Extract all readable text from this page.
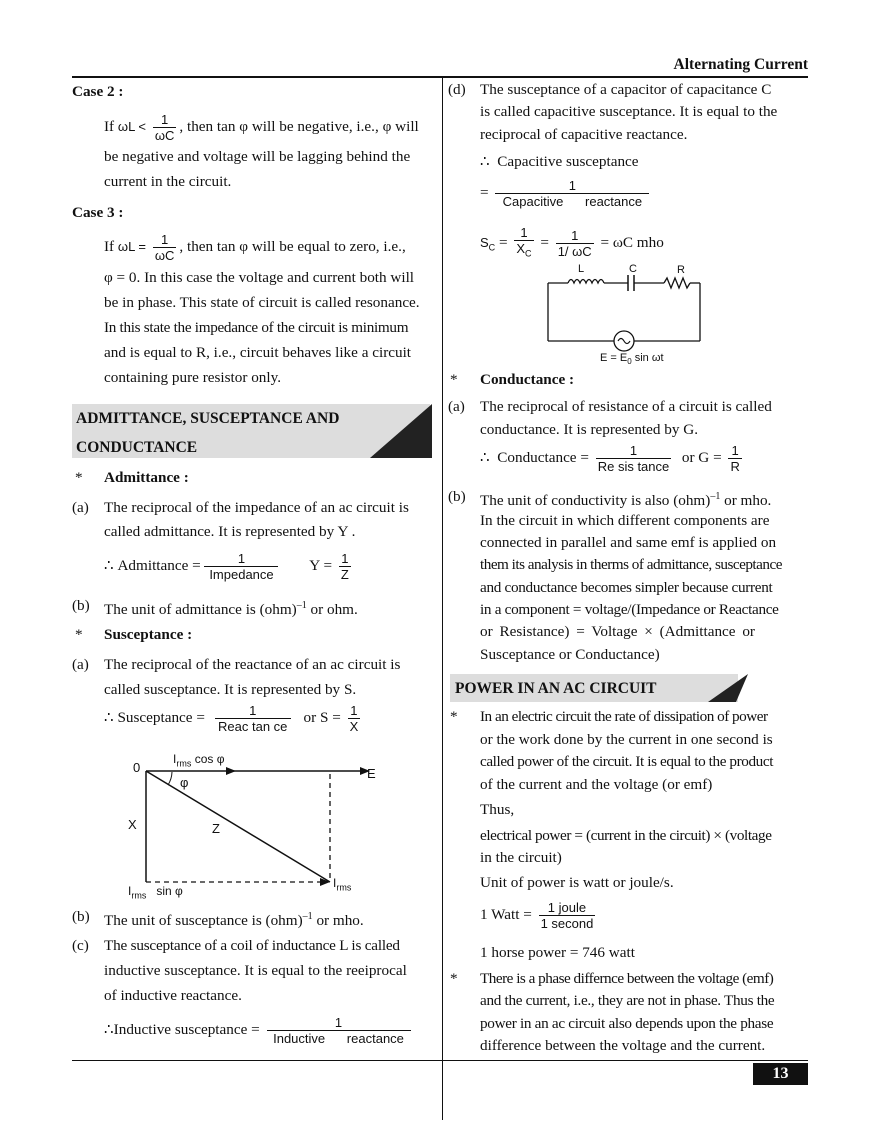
Alternating Current
Case 2 :
If $\omega L < \frac{1}{\omega C}$ , then tan φ will be negative, i.e., φ will
be negative and voltage will be lagging behind the
current in the circuit.
Case 3 :
If $\omega L = \frac{1}{\omega C}$ , then tan φ will be equal to zero, i.e.,
φ = 0. In this case the voltage and current both will
be in phase. This state of circuit is called resonance.
In this state the impedance of the circuit is minimum
and is equal to R, i.e., circuit behaves like a circuit
containing pure resistor only.
ADMITTANCE, SUSCEPTANCE AND
CONDUCTANCE
* Admittance :
(a) The reciprocal of the impedance of an ac circuit is
called admittance. It is represented by Y .
∴ Admittance = $\frac{1}{\text{Impedance}}$ $Y = \frac{1}{Z}$
(b) The unit of admittance is (ohm)$^{-1}$ or ohm.
* Susceptance :
(a) The reciprocal of the reactance of an ac circuit is
called susceptance. It is represented by S.
∴ Susceptance = $\frac{1}{\text{Reac tan ce}}$ or $S = \frac{1}{X}$
0
$I_{rms}$ cos φ
φ
E
X	Z
$I_{rms}$ sin φ
$I_{rms}$
(b) The unit of susceptance is (ohm)$^{-1}$ or mho.
(c) The susceptance of a coil of inductance L is called
inductive susceptance. It is equal to the reeiprocal
of inductive reactance.
∴Inductive susceptance = $\frac{1}{\text{Inductive      reactance}}$
(d) The susceptance of a capacitor of capacitance C
is called capacitive susceptance. It is equal to the
reciprocal of capacitive reactance.
∴ Capacitive susceptance
= $\frac{1}{\text{Capacitive      reactance}}$
$S_C = \frac{1}{X_C} = \frac{1}{1/ \omega C} = \omega C$ mho
L	C	R
$E = E_0$ sin ωt
* Conductance :
(a) The reciprocal of resistance of a circuit is called
conductance. It is represented by G.
∴ Conductance = $\frac{1}{\text{Re sis tance}}$ or $G = \frac{1}{R}$
(b) The unit of conductivity is also (ohm)$^{-1}$ or mho.
In the circuit in which different components are
connected in parallel and same emf is applied on
them its analysis in therms of admittance, susceptance
and conductance becomes simpler because current
in a component = voltage/(Impedance or Reactance
or Resistance) = Voltage × (Admittance or
Susceptance or Conductance)
POWER IN AN AC CIRCUIT
* In an electric circuit the rate of dissipation of power
or the work done by the current in one second is
called power of the circuit. It is equal to the product
of the current and the voltage (or emf)
Thus,
electrical power = (current in the circuit) × (voltage
in the circuit)
Unit of power is watt or joule/s.
1 Watt = $\frac{\text{1 joule}}{\text{1 second}}$
1 horse power = 746 watt
* There is a phase differnce between the voltage (emf)
and the current, i.e., they are not in phase. Thus the
power in an ac circuit also depends upon the phase
difference between the voltage and the current.
13
